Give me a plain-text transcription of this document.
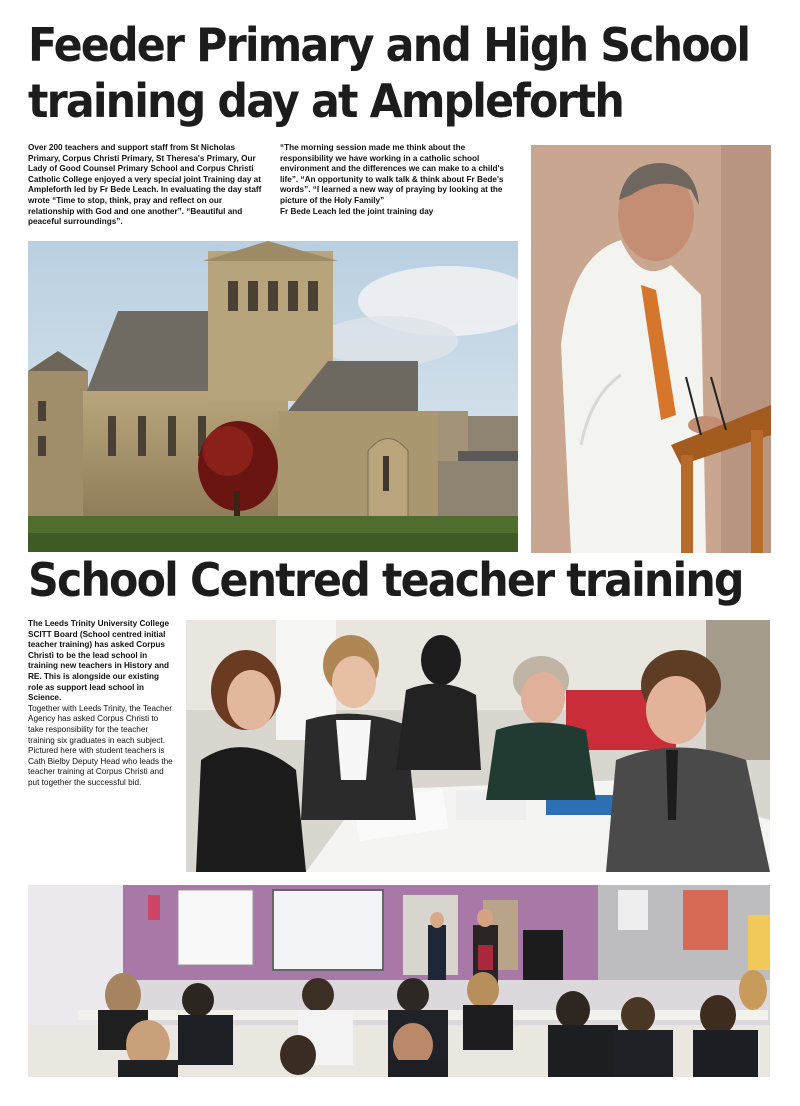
Feeder Primary and High School
training day at Ampleforth

Over 200 teachers and support staff from St Nicholas Primary, Corpus Christi Primary, St Theresa's Primary, Our Lady of Good Counsel Primary School and Corpus Christi Catholic College enjoyed a very special joint Training day at Ampleforth led by Fr Bede Leach. In evaluating the day staff wrote “Time to stop, think, pray and reflect on our relationship with God and one another”. “Beautiful and peaceful surroundings”.

“The morning session made me think about the responsibility we have working in a catholic school environment and the differences we can make to a child's life”. “An opportunity to walk talk & think about Fr Bede's words”. “I learned a new way of praying by looking at the picture of the Holy Family”

Fr Bede Leach led the joint training day

School Centred teacher training

The Leeds Trinity University College SCITT Board (School centred initial teacher training) has asked Corpus Christi to be the lead school in training new teachers in History and RE. This is alongside our existing role as support lead school in Science.

Together with Leeds Trinity, the Teacher Agency has asked Corpus Christi to take responsibility for the teacher training six graduates in each subject.

Pictured here with student teachers is Cath Bielby Deputy Head who leads the teacher training at Corpus Christi and put together the successful bid.
